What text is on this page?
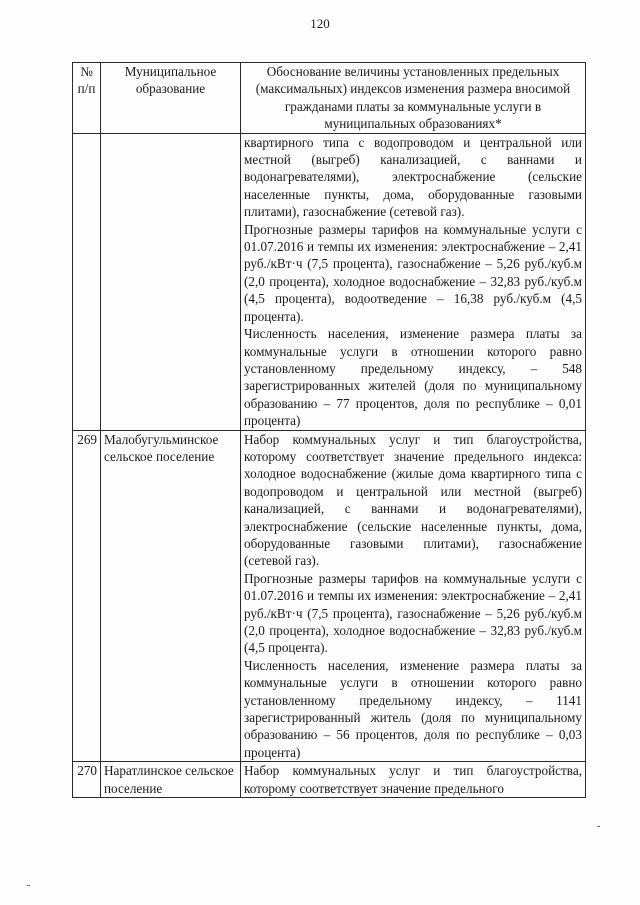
120
№ п/п	Муниципальное образование	Обоснование величины установленных предельных (максимальных) индексов изменения размера вносимой гражданами платы за коммунальные услуги в муниципальных образованиях*

		квартирного типа с водопроводом и центральной или местной (выгреб) канализацией, с ваннами и водонагревателями), электроснабжение (сельские населенные пункты, дома, оборудованные газовыми плитами), газоснабжение (сетевой газ).

Прогнозные размеры тарифов на коммунальные услуги с 01.07.2016 и темпы их изменения: электроснабжение – 2,41 руб./кВт·ч (7,5 процента), газоснабжение – 5,26 руб./куб.м (2,0 процента), холодное водоснабжение – 32,83 руб./куб.м (4,5 процента), водоотведение – 16,38 руб./куб.м (4,5 процента).

Численность населения, изменение размера платы за коммунальные услуги в отношении которого равно установленному предельному индексу, – 548 зарегистрированных жителей (доля по муниципальному образованию – 77 процентов, доля по республике – 0,01 процента)

269	Малобугульминское сельское поселение	Набор коммунальных услуг и тип благоустройства, которому соответствует значение предельного индекса: холодное водоснабжение (жилые дома квартирного типа с водопроводом и центральной или местной (выгреб) канализацией, с ваннами и водонагревателями), электроснабжение (сельские населенные пункты, дома, оборудованные газовыми плитами), газоснабжение (сетевой газ).

Прогнозные размеры тарифов на коммунальные услуги с 01.07.2016 и темпы их изменения: электроснабжение – 2,41 руб./кВт·ч (7,5 процента), газоснабжение – 5,26 руб./куб.м (2,0 процента), холодное водоснабжение – 32,83 руб./куб.м (4,5 процента).

Численность населения, изменение размера платы за коммунальные услуги в отношении которого равно установленному предельному индексу, – 1141 зарегистрированный житель (доля по муниципальному образованию – 56 процентов, доля по республике – 0,03 процента)

270	Наратлинское сельское поселение	Набор коммунальных услуг и тип благоустройства, которому соответствует значение предельного
